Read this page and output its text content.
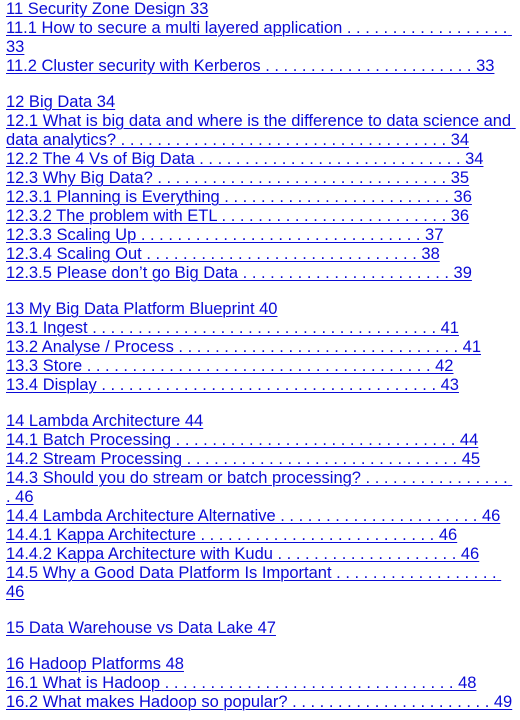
11 Security Zone Design 33
11.1 How to secure a multi layered application . . . . . . . . . . . . . . . . . . 33
11.2 Cluster security with Kerberos . . . . . . . . . . . . . . . . . . . . . . . 33
12 Big Data 34
12.1 What is big data and where is the difference to data science and data analytics? . . . . . . . . . . . . . . . . . . . . . . . . . . . . . . . . . . . . 34
12.2 The 4 Vs of Big Data . . . . . . . . . . . . . . . . . . . . . . . . . . . . . 34
12.3 Why Big Data? . . . . . . . . . . . . . . . . . . . . . . . . . . . . . . . . 35
12.3.1 Planning is Everything . . . . . . . . . . . . . . . . . . . . . . . . . 36
12.3.2 The problem with ETL . . . . . . . . . . . . . . . . . . . . . . . . . 36
12.3.3 Scaling Up . . . . . . . . . . . . . . . . . . . . . . . . . . . . . . . 37
12.3.4 Scaling Out . . . . . . . . . . . . . . . . . . . . . . . . . . . . . . 38
12.3.5 Please don’t go Big Data . . . . . . . . . . . . . . . . . . . . . . . 39
13 My Big Data Platform Blueprint 40
13.1 Ingest . . . . . . . . . . . . . . . . . . . . . . . . . . . . . . . . . . . . . . 41
13.2 Analyse / Process . . . . . . . . . . . . . . . . . . . . . . . . . . . . . . . 41
13.3 Store . . . . . . . . . . . . . . . . . . . . . . . . . . . . . . . . . . . . . . 42
13.4 Display . . . . . . . . . . . . . . . . . . . . . . . . . . . . . . . . . . . . . 43
14 Lambda Architecture 44
14.1 Batch Processing . . . . . . . . . . . . . . . . . . . . . . . . . . . . . . . 44
14.2 Stream Processing . . . . . . . . . . . . . . . . . . . . . . . . . . . . . . 45
14.3 Should you do stream or batch processing? . . . . . . . . . . . . . . . . . 46
14.4 Lambda Architecture Alternative . . . . . . . . . . . . . . . . . . . . . . 46
14.4.1 Kappa Architecture . . . . . . . . . . . . . . . . . . . . . . . . . . 46
14.4.2 Kappa Architecture with Kudu . . . . . . . . . . . . . . . . . . . . 46
14.5 Why a Good Data Platform Is Important . . . . . . . . . . . . . . . . . . 46
15 Data Warehouse vs Data Lake 47
16 Hadoop Platforms 48
16.1 What is Hadoop . . . . . . . . . . . . . . . . . . . . . . . . . . . . . . . . 48
16.2 What makes Hadoop so popular? . . . . . . . . . . . . . . . . . . . . . . 49
